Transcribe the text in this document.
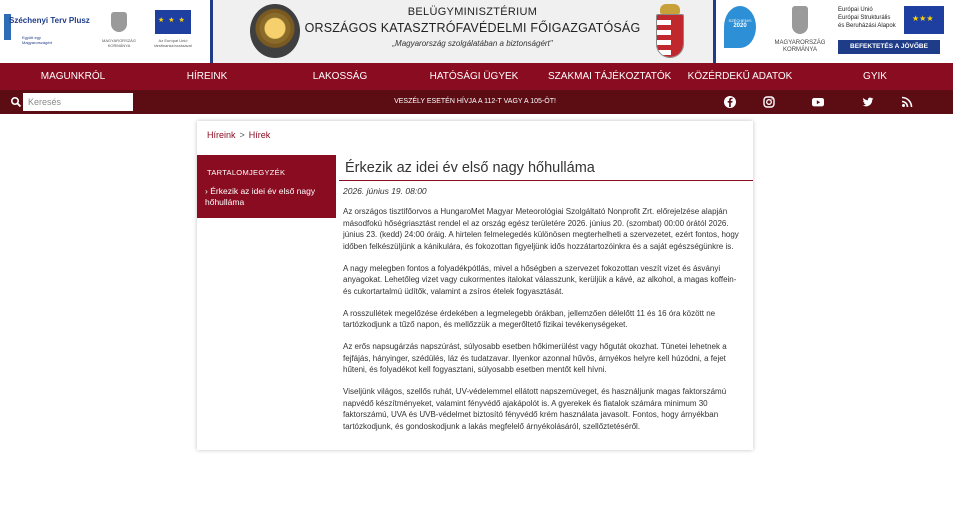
Széchenyi Terv Plusz
Együtt egy Magyarországért	MAGYARORSZÁG KORMÁNYA
★ ★ ★
Az Európai Unió társfinanszírozásával
BELÜGYMINISZTÉRIUM
ORSZÁGOS KATASZTRÓFAVÉDELMI FŐIGAZGATÓSÁG
„Magyarország szolgálatában a biztonságért"
SZÉCHENYI
2020
MAGYARORSZÁG KORMÁNYA
Európai Unió
Európai Strukturális
és Beruházási Alapok
★★★
BEFEKTETÉS A JÖVŐBE
MAGUNKRÓL	HÍREINK	LAKOSSÁG	HATÓSÁGI ÜGYEK	SZAKMAI TÁJÉKOZTATÓK	KÖZÉRDEKŰ ADATOK	GYIK
Keresés
VESZÉLY ESETÉN HÍVJA A 112-T VAGY A 105-ÖT!
Híreink > Hírek
TARTALOMJEGYZÉK
› Érkezik az idei év első nagy hőhulláma
Érkezik az idei év első nagy hőhulláma
2026. június 19. 08:00

Az országos tisztifőorvos a HungaroMet Magyar Meteorológiai Szolgáltató Nonprofit Zrt. előrejelzése alapján másodfokú hőségriasztást rendel el az ország egész területére 2026. június 20. (szombat) 00:00 órától 2026. június 23. (kedd) 24:00 óráig. A hirtelen felmelegedés különösen megterhelheti a szervezetet, ezért fontos, hogy időben felkészüljünk a kánikulára, és fokozottan figyeljünk idős hozzátartozóinkra és a saját egészségünkre is.

A nagy melegben fontos a folyadékpótlás, mivel a hőségben a szervezet fokozottan veszít vizet és ásványi anyagokat. Lehetőleg vizet vagy cukormentes italokat válasszunk, kerüljük a kávé, az alkohol, a magas koffein- és cukortartalmú üdítők, valamint a zsíros ételek fogyasztását.

A rosszullétek megelőzése érdekében a legmelegebb órákban, jellemzően délelőtt 11 és 16 óra között ne tartózkodjunk a tűző napon, és mellőzzük a megerőltető fizikai tevékenységeket.

Az erős napsugárzás napszúrást, súlyosabb esetben hőkimerülést vagy hőgutát okozhat. Tünetei lehetnek a fejfájás, hányinger, szédülés, láz és tudatzavar. Ilyenkor azonnal hűvös, árnyékos helyre kell húzódni, a fejet hűteni, és folyadékot kell fogyasztani, súlyosabb esetben mentőt kell hívni.

Viseljünk világos, szellős ruhát, UV-védelemmel ellátott napszemüveget, és használjunk magas faktorszámú napvédő készítményeket, valamint fényvédő ajakápolót is. A gyerekek és fiatalok számára minimum 30 faktorszámú, UVA és UVB-védelmet biztosító fényvédő krém használata javasolt. Fontos, hogy árnyékban tartózkodjunk, és gondoskodjunk a lakás megfelelő árnyékolásáról, szellőztetéséről.
